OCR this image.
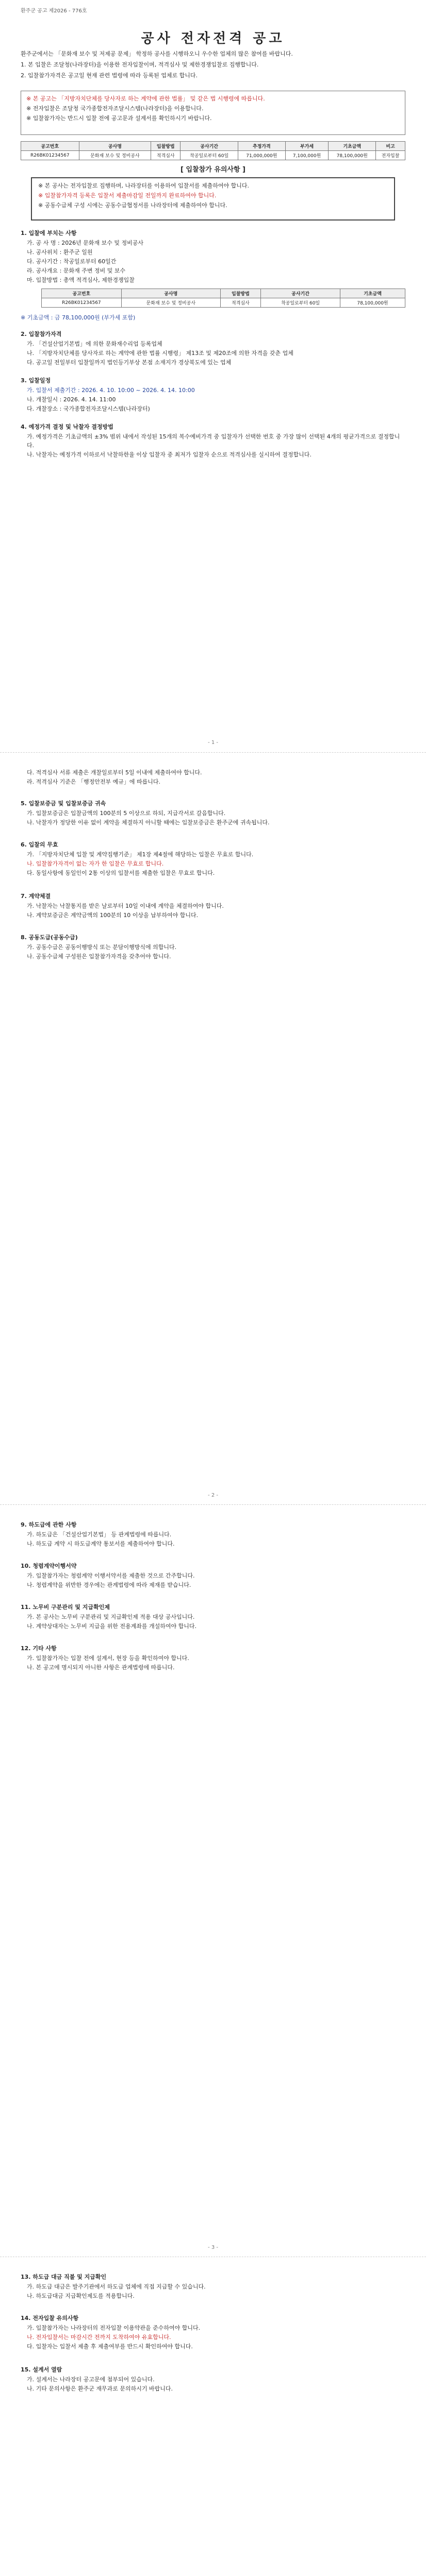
환주군 공고 제2026 - 776호
공사 전자전격 공고

환주군에서는 「문화재 보수 및 저제공 문제」 학정하 공사를 시행하오니 우수한 업체의 많은 참여를 바랍니다.

1. 본 입찰은 조달청(나라장터)을 이용한 전자입찰이며, 적격심사 및 제한경쟁입찰로 집행합니다.

2. 입찰참가자격은 공고일 현재 관련 법령에 따라 등록된 업체로 합니다.

※ 본 공고는 「지방자치단체를 당사자로 하는 계약에 관한 법률」 및 같은 법 시행령에 따릅니다.

※ 전자입찰은 조달청 국가종합전자조달시스템(나라장터)을 이용합니다.

※ 입찰참가자는 반드시 입찰 전에 공고문과 설계서를 확인하시기 바랍니다.

공고번호	공사명	입찰방법	공사기간	추정가격	부가세	기초금액	비고
R26BK01234567	문화재 보수 및 정비공사	적격심사	착공일로부터 60일	71,000,000원	7,100,000원	78,100,000원	전자입찰
[ 입찰참가 유의사항 ]

※ 본 공사는 전자입찰로 집행하며, 나라장터를 이용하여 입찰서를 제출하여야 합니다.

※ 입찰참가자격 등록은 입찰서 제출마감일 전일까지 완료하여야 합니다.

※ 공동수급체 구성 시에는 공동수급협정서를 나라장터에 제출하여야 합니다.

1. 입찰에 부치는 사항

가. 공 사 명 : 2026년 문화재 보수 및 정비공사

나. 공사위치 : 환주군 일원

다. 공사기간 : 착공일로부터 60일간

라. 공사개요 : 문화재 주변 정비 및 보수

마. 입찰방법 : 총액 적격심사, 제한경쟁입찰

공고번호	공사명	입찰방법	공사기간	기초금액
R26BK01234567	문화재 보수 및 정비공사	적격심사	착공일로부터 60일	78,100,000원

※ 기초금액 : 금 78,100,000원 (부가세 포함)

2. 입찰참가자격

가. 「건설산업기본법」에 의한 문화재수리업 등록업체

나. 「지방자치단체를 당사자로 하는 계약에 관한 법률 시행령」 제13조 및 제20조에 의한 자격을 갖춘 업체

다. 공고일 전일부터 입찰일까지 법인등기부상 본점 소재지가 경상북도에 있는 업체

3. 입찰일정

가. 입찰서 제출기간 : 2026. 4. 10. 10:00 ~ 2026. 4. 14. 10:00

나. 개찰일시 : 2026. 4. 14. 11:00

다. 개찰장소 : 국가종합전자조달시스템(나라장터)

4. 예정가격 결정 및 낙찰자 결정방법

가. 예정가격은 기초금액의 ±3% 범위 내에서 작성된 15개의 복수예비가격 중 입찰자가 선택한 번호 중 가장 많이 선택된 4개의 평균가격으로 결정합니다.

나. 낙찰자는 예정가격 이하로서 낙찰하한율 이상 입찰자 중 최저가 입찰자 순으로 적격심사를 실시하여 결정합니다.

- 1 -

다. 적격심사 서류 제출은 개찰일로부터 5일 이내에 제출하여야 합니다.

라. 적격심사 기준은 「행정안전부 예규」에 따릅니다.

5. 입찰보증금 및 입찰보증금 귀속

가. 입찰보증금은 입찰금액의 100분의 5 이상으로 하되, 지급각서로 갈음합니다.

나. 낙찰자가 정당한 이유 없이 계약을 체결하지 아니할 때에는 입찰보증금은 환주군에 귀속됩니다.

6. 입찰의 무효

가. 「지방자치단체 입찰 및 계약집행기준」 제1장 제4절에 해당하는 입찰은 무효로 합니다.

나. 입찰참가자격이 없는 자가 한 입찰은 무효로 합니다.

다. 동일사항에 동일인이 2통 이상의 입찰서를 제출한 입찰은 무효로 합니다.

7. 계약체결

가. 낙찰자는 낙찰통지를 받은 날로부터 10일 이내에 계약을 체결하여야 합니다.

나. 계약보증금은 계약금액의 100분의 10 이상을 납부하여야 합니다.

8. 공동도급(공동수급)

가. 공동수급은 공동이행방식 또는 분담이행방식에 의합니다.

나. 공동수급체 구성원은 입찰참가자격을 갖추어야 합니다.

- 2 -

9. 하도급에 관한 사항

가. 하도급은 「건설산업기본법」 등 관계법령에 따릅니다.

나. 하도급 계약 시 하도급계약 통보서를 제출하여야 합니다.

10. 청렴계약이행서약

가. 입찰참가자는 청렴계약 이행서약서를 제출한 것으로 간주합니다.

나. 청렴계약을 위반한 경우에는 관계법령에 따라 제재를 받습니다.

11. 노무비 구분관리 및 지급확인제

가. 본 공사는 노무비 구분관리 및 지급확인제 적용 대상 공사입니다.

나. 계약상대자는 노무비 지급을 위한 전용계좌를 개설하여야 합니다.

12. 기타 사항

가. 입찰참가자는 입찰 전에 설계서, 현장 등을 확인하여야 합니다.

나. 본 공고에 명시되지 아니한 사항은 관계법령에 따릅니다.

- 3 -

13. 하도급 대금 직불 및 지급확인

가. 하도급 대금은 발주기관에서 하도급 업체에 직접 지급할 수 있습니다.

나. 하도급대금 지급확인제도를 적용합니다.

14. 전자입찰 유의사항

가. 입찰참가자는 나라장터의 전자입찰 이용약관을 준수하여야 합니다.

나. 전자입찰서는 마감시간 전까지 도착하여야 유효합니다.

다. 입찰자는 입찰서 제출 후 제출여부를 반드시 확인하여야 합니다.

15. 설계서 열람

가. 설계서는 나라장터 공고문에 첨부되어 있습니다.

나. 기타 문의사항은 환주군 재무과로 문의하시기 바랍니다.
